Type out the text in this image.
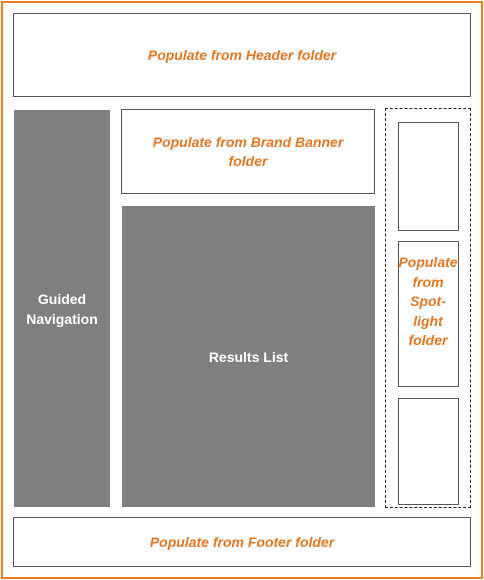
Populate from Header folder
Guided
Navigation
Populate from Brand Banner
folder
Results List
Populate
from
Spot-
light
folder
Populate from Footer folder
